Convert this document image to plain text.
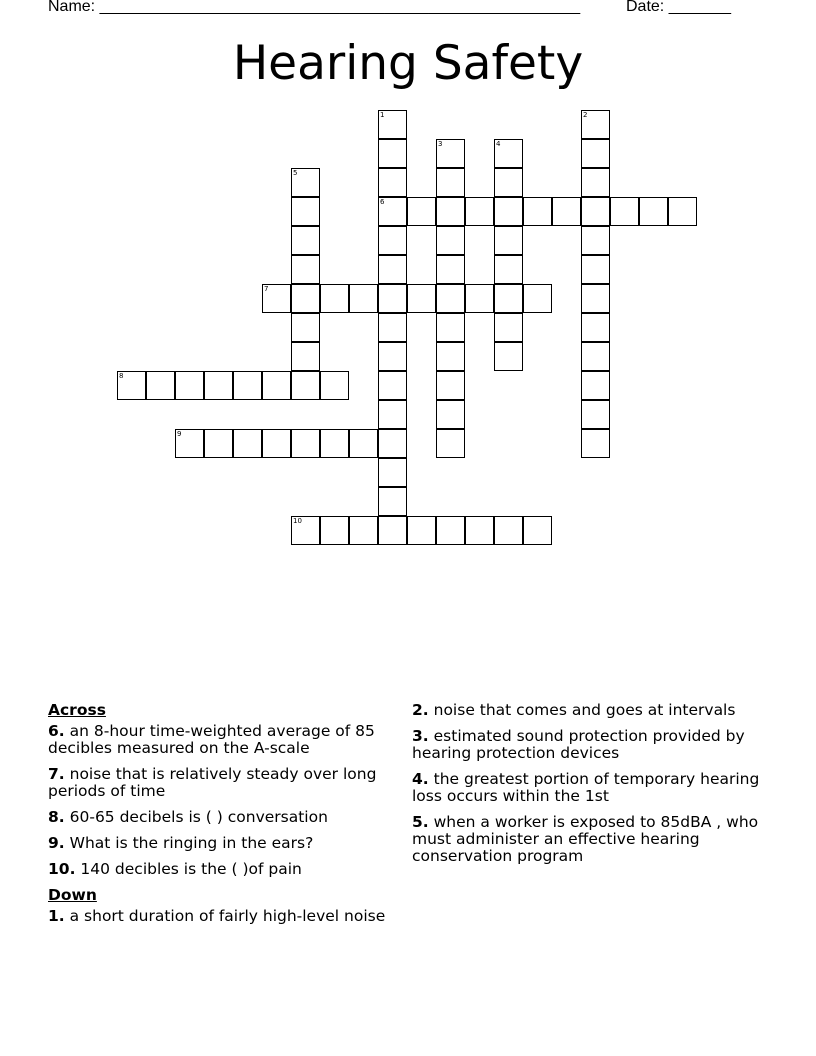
Name: ______________________________________________________

	Date: _______

Hearing Safety
1
6
2
3	4
5
7
8
9
10
Across
6. an 8-hour time-weighted average of 85 decibles measured on the A-scale
7. noise that is relatively steady over long periods of time
8. 60-65 decibels is ( ) conversation
9. What is the ringing in the ears?
10. 140 decibles is the ( )of pain
Down
1. a short duration of fairly high-level noise
2. noise that comes and goes at intervals
3. estimated sound protection provided by hearing protection devices
4. the greatest portion of temporary hearing loss occurs within the 1st
5. when a worker is exposed to 85dBA , who must administer an effective hearing conservation program
